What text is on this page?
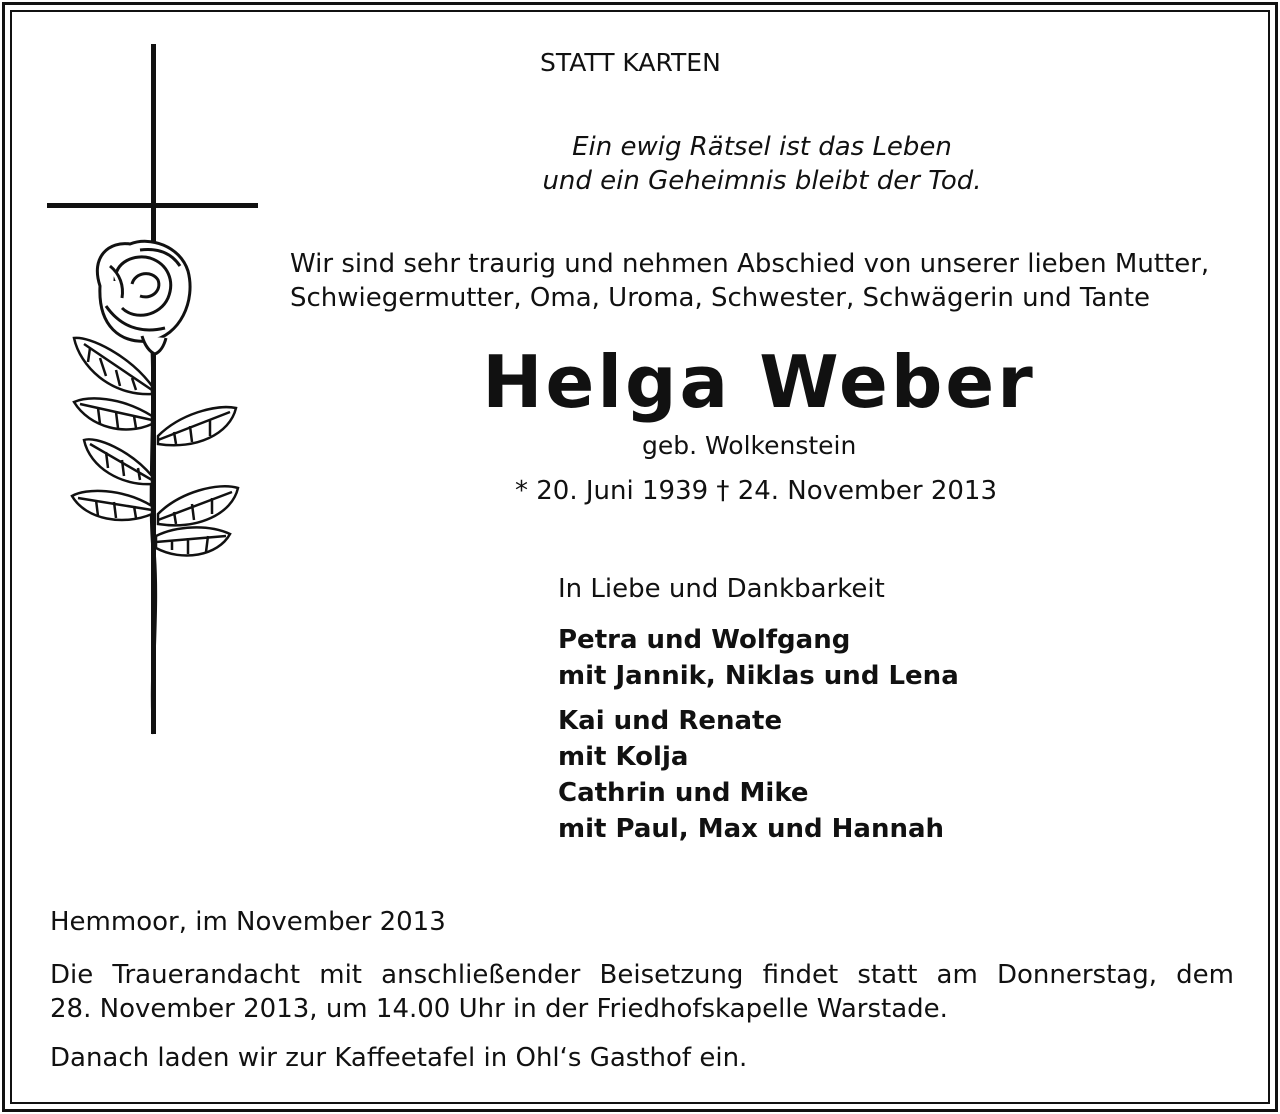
STATT KARTEN

Ein ewig Rätsel ist das Leben
und ein Geheimnis bleibt der Tod.

Wir sind sehr traurig und nehmen Abschied von unserer lieben Mutter,
Schwiegermutter, Oma, Uroma, Schwester, Schwägerin und Tante

Helga Weber

geb. Wolkenstein

* 20. Juni 1939 † 24. November 2013

In Liebe und Dankbarkeit

Petra und Wolfgang
mit Jannik, Niklas und Lena

Kai und Renate
mit Kolja
Cathrin und Mike
mit Paul, Max und Hannah

Hemmoor, im November 2013

Die Trauerandacht mit anschließender Beisetzung findet statt am Donnerstag, dem
28. November 2013, um 14.00 Uhr in der Friedhofskapelle Warstade.

Danach laden wir zur Kaffeetafel in Ohl‘s Gasthof ein.
